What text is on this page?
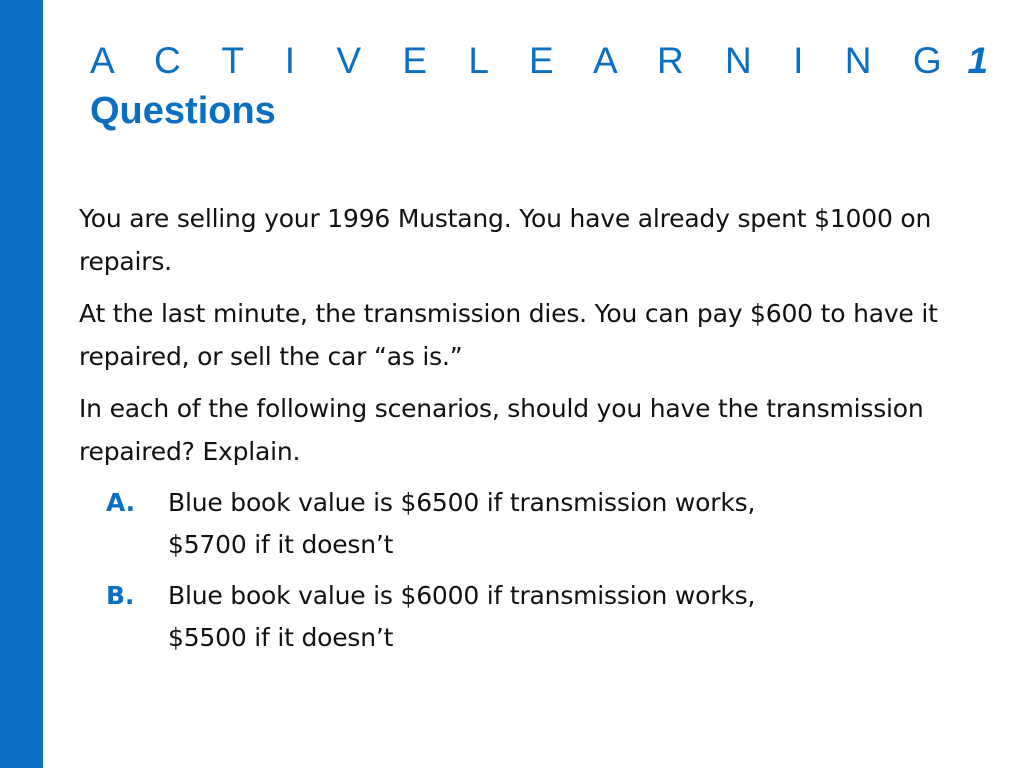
A C T I V E L E A R N I N G 1
Questions

You are selling your 1996 Mustang. You have already spent $1000 on repairs.

At the last minute, the transmission dies. You can pay $600 to have it repaired, or sell the car “as is.”

In each of the following scenarios, should you have the transmission repaired? Explain.

A. Blue book value is $6500 if transmission works,
$5700 if it doesn’t
B. Blue book value is $6000 if transmission works,
$5500 if it doesn’t
